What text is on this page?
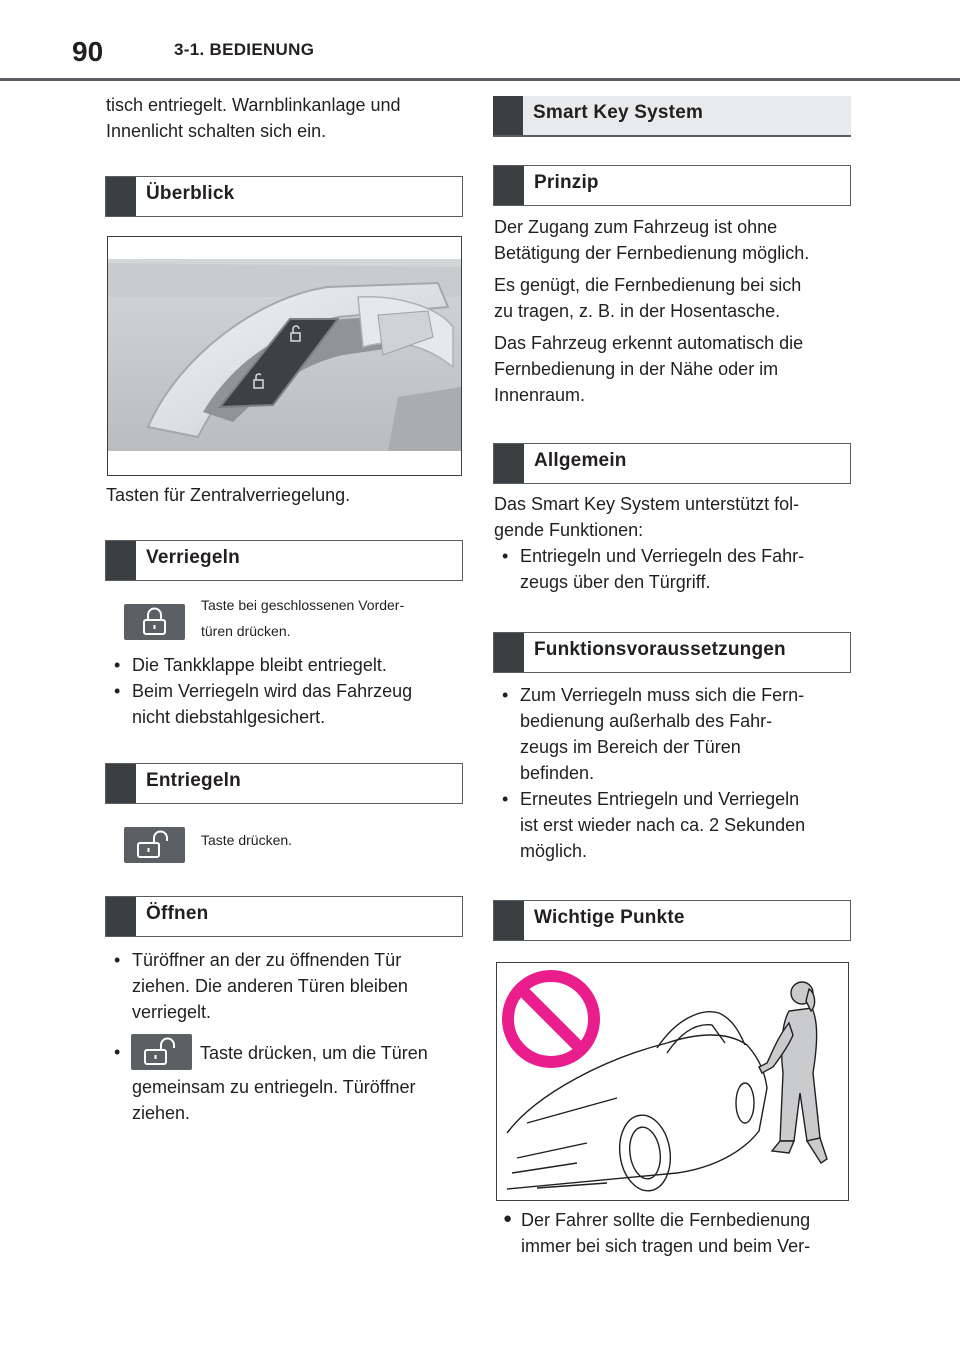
90	3-1. BEDIENUNG
tisch entriegelt. Warnblinkanlage und
Innenlicht schalten sich ein.
Überblick
Tasten für Zentralverriegelung.
Verriegeln
Taste bei geschlossenen Vorder-
türen drücken.
• Die Tankklappe bleibt entriegelt.
• Beim Verriegeln wird das Fahrzeug
nicht diebstahlgesichert.
Entriegeln
Taste drücken.
Öffnen
• Türöffner an der zu öffnenden Tür
ziehen. Die anderen Türen bleiben
verriegelt.
•	Taste drücken, um die Türen
gemeinsam zu entriegeln. Türöffner
ziehen.
Smart Key System
Prinzip
Der Zugang zum Fahrzeug ist ohne
Betätigung der Fernbedienung möglich.
Es genügt, die Fernbedienung bei sich
zu tragen, z. B. in der Hosentasche.
Das Fahrzeug erkennt automatisch die
Fernbedienung in der Nähe oder im
Innenraum.
Allgemein
Das Smart Key System unterstützt fol-
gende Funktionen:
• Entriegeln und Verriegeln des Fahr-
zeugs über den Türgriff.
Funktionsvoraussetzungen
• Zum Verriegeln muss sich die Fern-
bedienung außerhalb des Fahr-
zeugs im Bereich der Türen
befinden.
• Erneutes Entriegeln und Verriegeln
ist erst wieder nach ca. 2 Sekunden
möglich.
Wichtige Punkte
● Der Fahrer sollte die Fernbedienung
immer bei sich tragen und beim Ver-
